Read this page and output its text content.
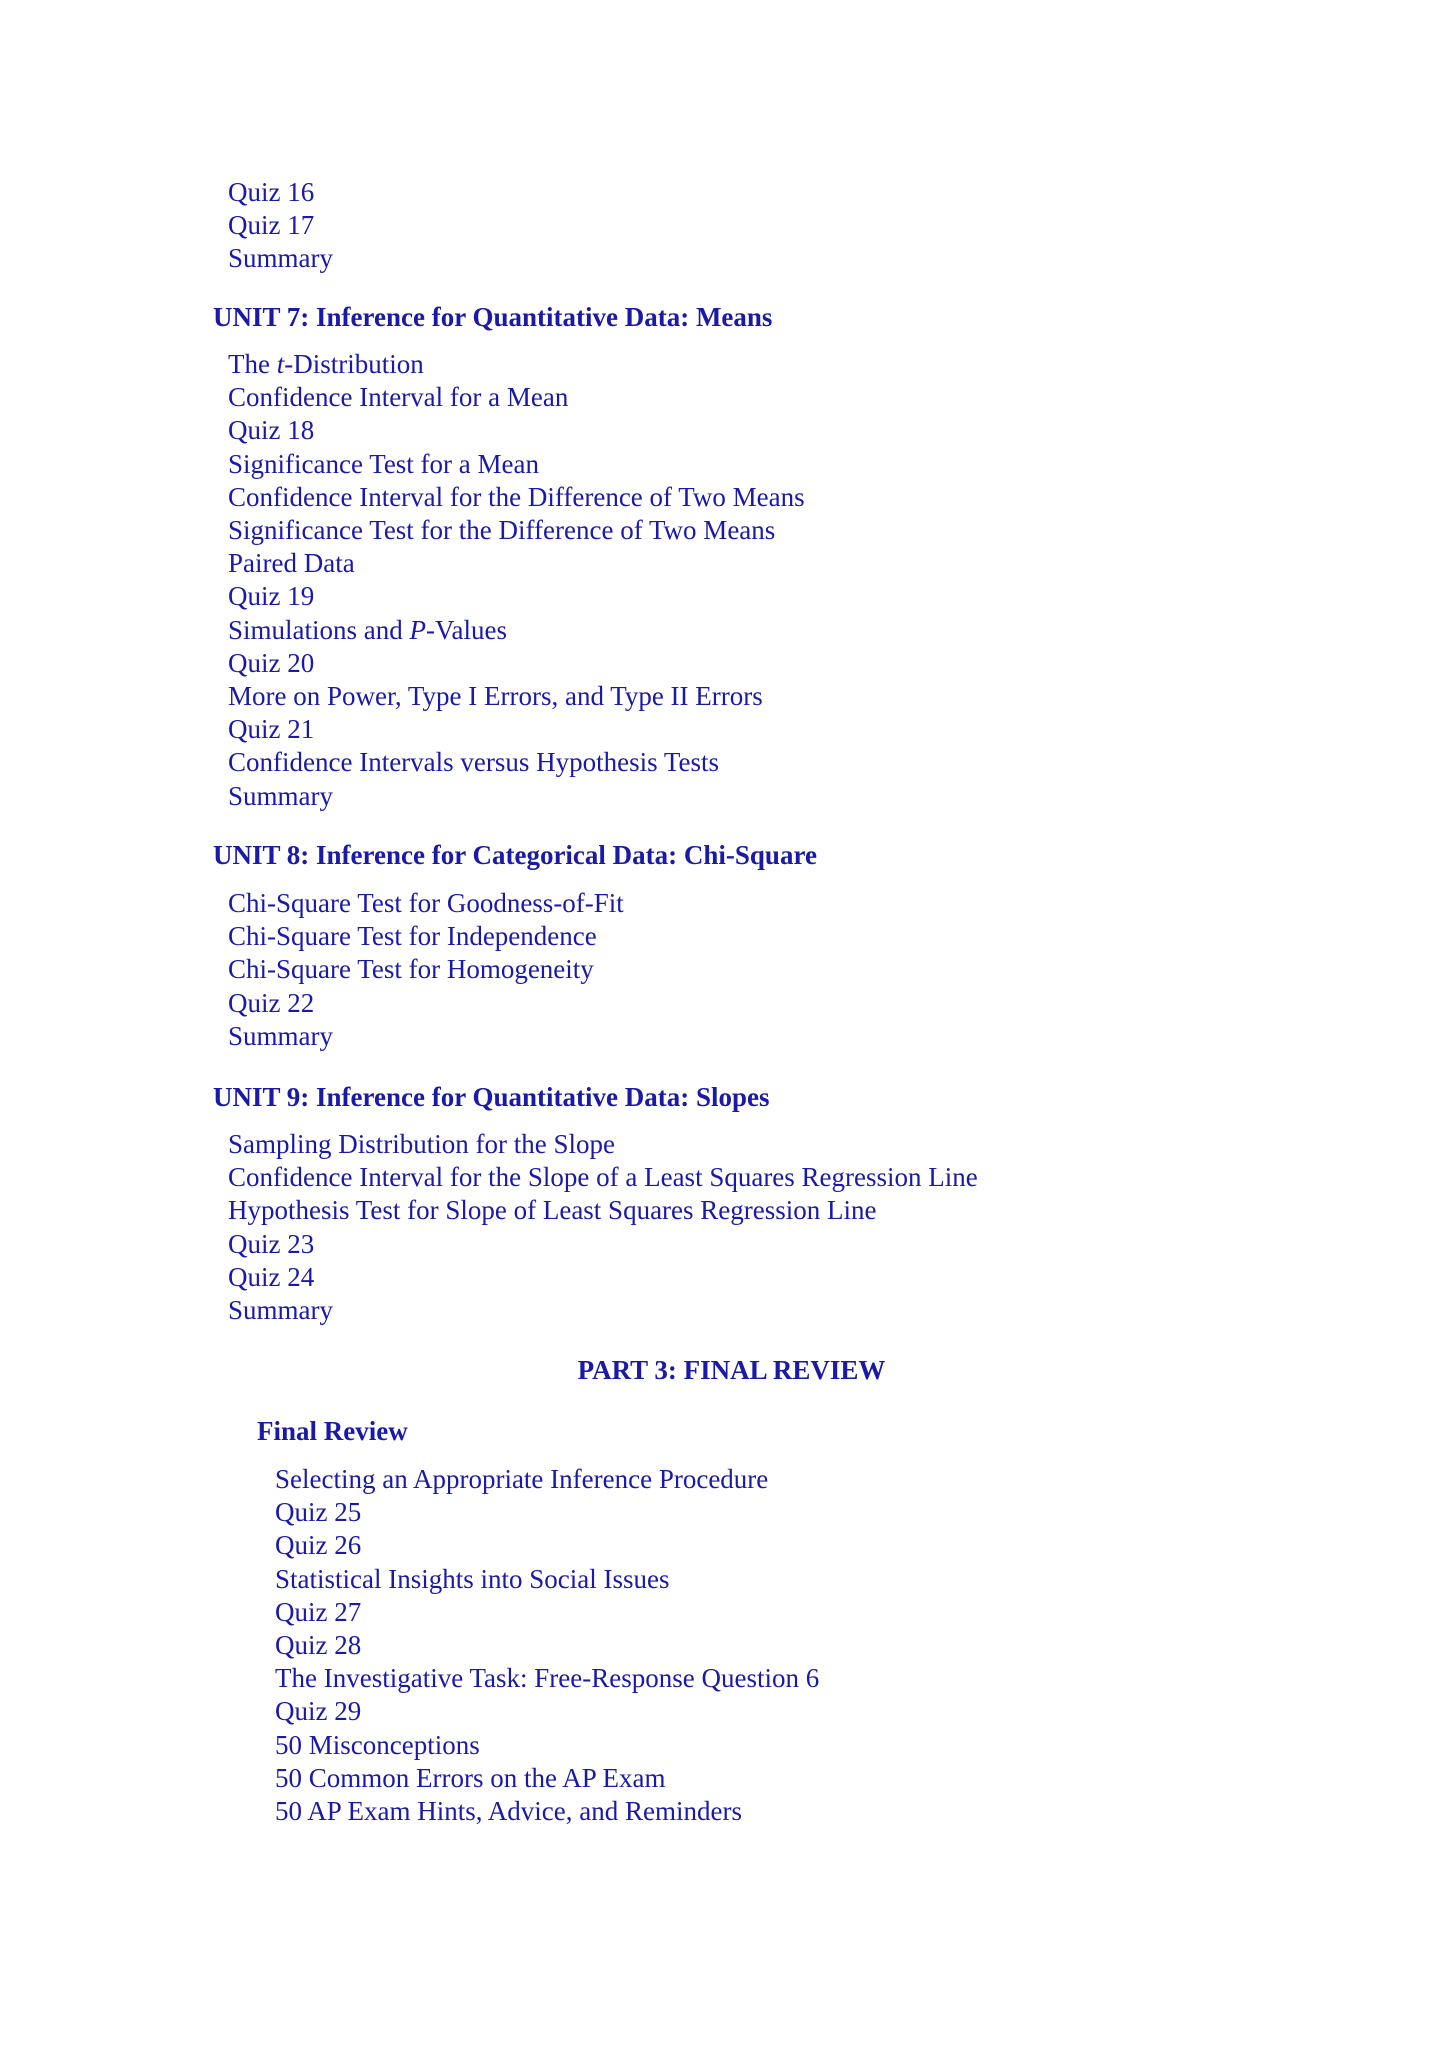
Quiz 16
Quiz 17
Summary
UNIT 7: Inference for Quantitative Data: Means
The t-Distribution
Confidence Interval for a Mean
Quiz 18
Significance Test for a Mean
Confidence Interval for the Difference of Two Means
Significance Test for the Difference of Two Means
Paired Data
Quiz 19
Simulations and P-Values
Quiz 20
More on Power, Type I Errors, and Type II Errors
Quiz 21
Confidence Intervals versus Hypothesis Tests
Summary
UNIT 8: Inference for Categorical Data: Chi-Square
Chi-Square Test for Goodness-of-Fit
Chi-Square Test for Independence
Chi-Square Test for Homogeneity
Quiz 22
Summary
UNIT 9: Inference for Quantitative Data: Slopes
Sampling Distribution for the Slope
Confidence Interval for the Slope of a Least Squares Regression Line
Hypothesis Test for Slope of Least Squares Regression Line
Quiz 23
Quiz 24
Summary
PART 3: FINAL REVIEW
Final Review
Selecting an Appropriate Inference Procedure
Quiz 25
Quiz 26
Statistical Insights into Social Issues
Quiz 27
Quiz 28
The Investigative Task: Free-Response Question 6
Quiz 29
50 Misconceptions
50 Common Errors on the AP Exam
50 AP Exam Hints, Advice, and Reminders
